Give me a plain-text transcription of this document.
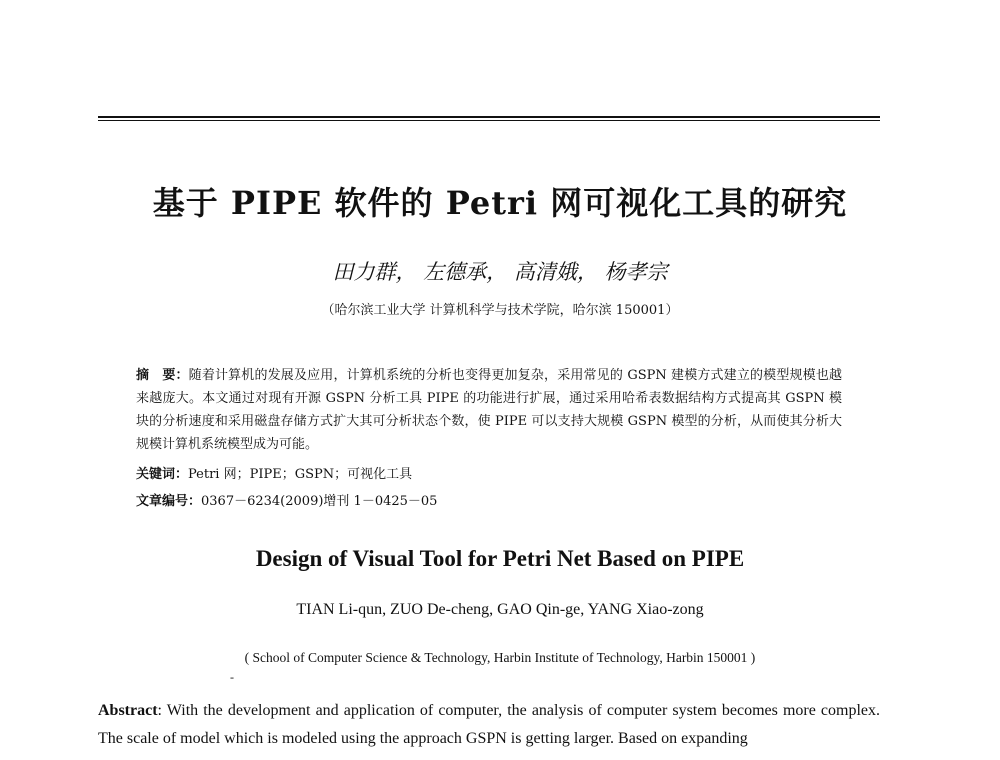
基于 PIPE 软件的 Petri 网可视化工具的研究

田力群， 左德承， 高清娥， 杨孝宗

（哈尔滨工业大学 计算机科学与技术学院，哈尔滨 150001）

摘　要：随着计算机的发展及应用，计算机系统的分析也变得更加复杂，采用常见的 GSPN 建模方式建立的模型规模也越来越庞大。本文通过对现有开源 GSPN 分析工具 PIPE 的功能进行扩展，通过采用哈希表数据结构方式提高其 GSPN 模块的分析速度和采用磁盘存储方式扩大其可分析状态个数，使 PIPE 可以支持大规模 GSPN 模型的分析，从而使其分析大规模计算机系统模型成为可能。

关键词：Petri 网；PIPE；GSPN；可视化工具

文章编号：0367－6234(2009)增刊 1－0425－05

Design of Visual Tool for Petri Net Based on PIPE

TIAN Li-qun, ZUO De-cheng, GAO Qin-ge, YANG Xiao-zong

( School of Computer Science & Technology, Harbin Institute of Technology, Harbin 150001 )

-

Abstract: With the development and application of computer, the analysis of computer system becomes more complex. The scale of model which is modeled using the approach GSPN is getting larger. Based on expanding
